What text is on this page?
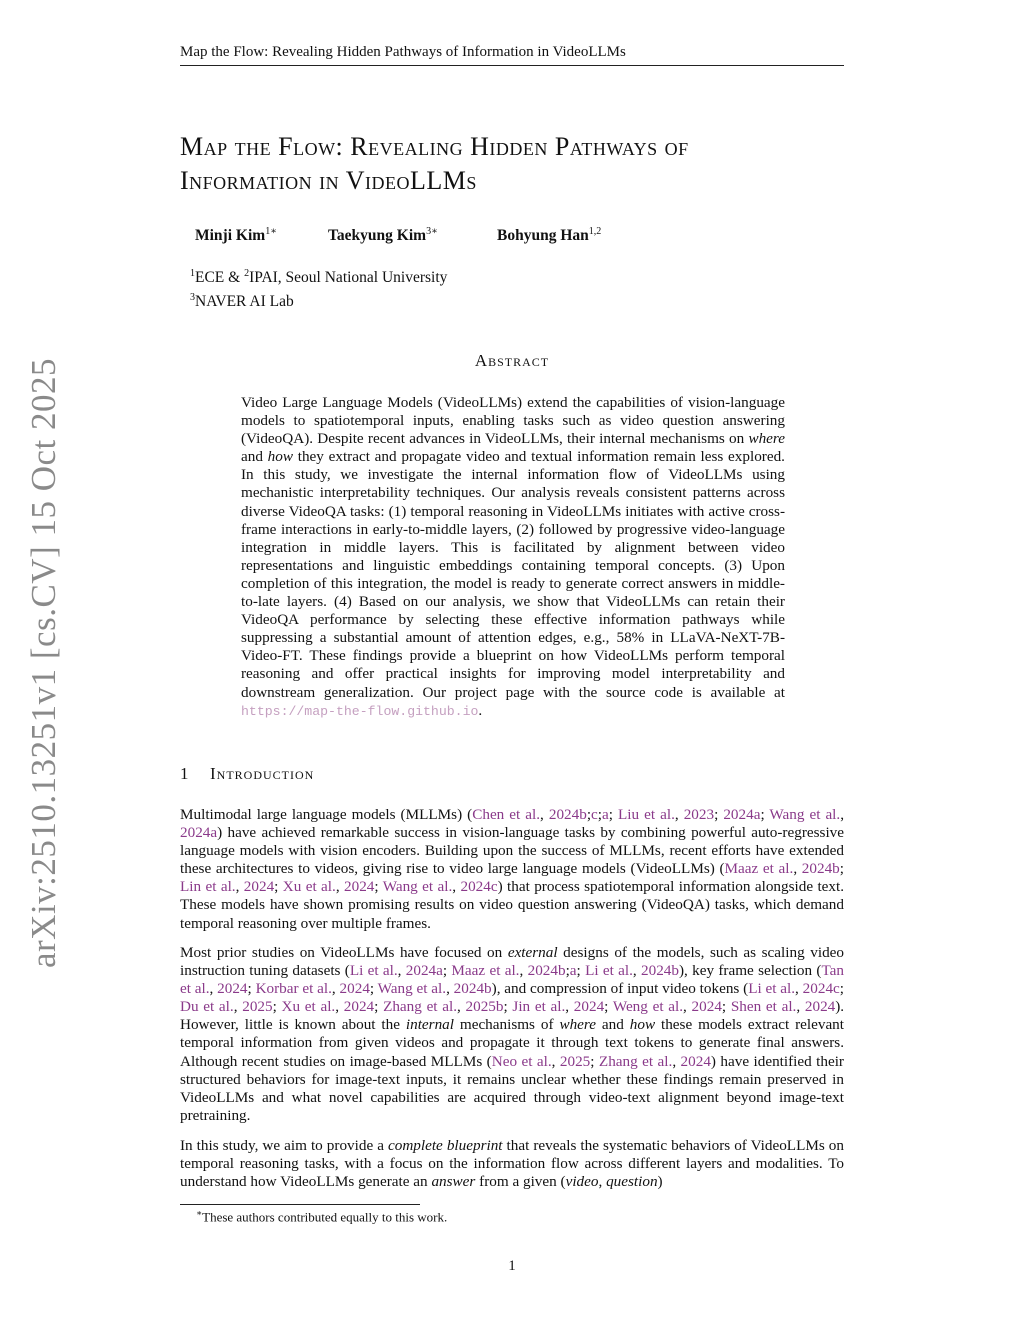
Map the Flow: Revealing Hidden Pathways of Information in VideoLLMs
Map the Flow: Revealing Hidden Pathways of
Information in VideoLLMs
Minji Kim$^{1∗}$	Taekyung Kim$^{3∗}$	Bohyung Han$^{1,2}$
$^1$ECE & $^2$IPAI, Seoul National University
$^3$NAVER AI Lab
Abstract
Video Large Language Models (VideoLLMs) extend the capabilities of vision-language models to spatiotemporal inputs, enabling tasks such as video question answering (VideoQA). Despite recent advances in VideoLLMs, their internal mechanisms on where and how they extract and propagate video and textual information remain less explored. In this study, we investigate the internal information flow of VideoLLMs using mechanistic interpretability techniques. Our analysis reveals consistent patterns across diverse VideoQA tasks: (1) temporal reasoning in VideoLLMs initiates with active cross-frame interactions in early-to-middle layers, (2) followed by progressive video-language integration in middle layers. This is facilitated by alignment between video representations and linguistic embeddings containing temporal concepts. (3) Upon completion of this integration, the model is ready to generate correct answers in middle-to-late layers. (4) Based on our analysis, we show that VideoLLMs can retain their VideoQA performance by selecting these effective information pathways while suppressing a substantial amount of attention edges, e.g., 58% in LLaVA-NeXT-7B-Video-FT. These findings provide a blueprint on how VideoLLMs perform temporal reasoning and offer practical insights for improving model interpretability and downstream generalization. Our project page with the source code is available at https://map-the-flow.github.io.
1 Introduction
Multimodal large language models (MLLMs) (Chen et al., 2024b;c;a; Liu et al., 2023; 2024a; Wang et al., 2024a) have achieved remarkable success in vision-language tasks by combining powerful auto-regressive language models with vision encoders. Building upon the success of MLLMs, recent efforts have extended these architectures to videos, giving rise to video large language models (VideoLLMs) (Maaz et al., 2024b; Lin et al., 2024; Xu et al., 2024; Wang et al., 2024c) that process spatiotemporal information alongside text. These models have shown promising results on video question answering (VideoQA) tasks, which demand temporal reasoning over multiple frames.
Most prior studies on VideoLLMs have focused on external designs of the models, such as scaling video instruction tuning datasets (Li et al., 2024a; Maaz et al., 2024b;a; Li et al., 2024b), key frame selection (Tan et al., 2024; Korbar et al., 2024; Wang et al., 2024b), and compression of input video tokens (Li et al., 2024c; Du et al., 2025; Xu et al., 2024; Zhang et al., 2025b; Jin et al., 2024; Weng et al., 2024; Shen et al., 2024). However, little is known about the internal mechanisms of where and how these models extract relevant temporal information from given videos and propagate it through text tokens to generate final answers. Although recent studies on image-based MLLMs (Neo et al., 2025; Zhang et al., 2024) have identified their structured behaviors for image-text inputs, it remains unclear whether these findings remain preserved in VideoLLMs and what novel capabilities are acquired through video-text alignment beyond image-text pretraining.
In this study, we aim to provide a complete blueprint that reveals the systematic behaviors of VideoLLMs on temporal reasoning tasks, with a focus on the information flow across different layers and modalities. To understand how VideoLLMs generate an answer from a given (video, question)
∗These authors contributed equally to this work.
1
arXiv:2510.13251v1 [cs.CV] 15 Oct 2025
